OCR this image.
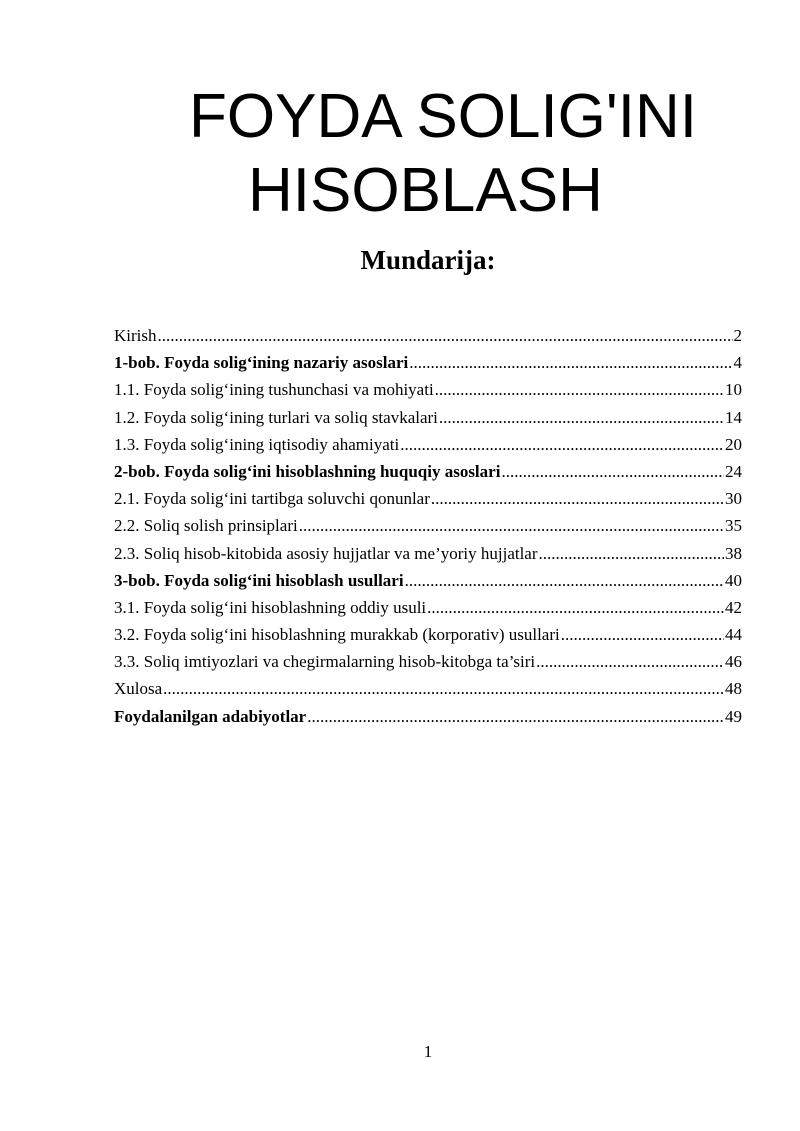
FOYDA SOLIG'INI
HISOBLASH
Mundarija:
Kirish .....	2
1-bob. Foyda solig‘ining nazariy asoslari .....	4
1.1. Foyda solig‘ining tushunchasi va mohiyati .....	10
1.2. Foyda solig‘ining turlari va soliq stavkalari .....	14
1.3. Foyda solig‘ining iqtisodiy ahamiyati .....	20
2-bob. Foyda solig‘ini hisoblashning huquqiy asoslari .....	24
2.1. Foyda solig‘ini tartibga soluvchi qonunlar .....	30
2.2. Soliq solish prinsiplari .....	35
2.3. Soliq hisob-kitobida asosiy hujjatlar va me’yoriy hujjatlar .....	38
3-bob. Foyda solig‘ini hisoblash usullari .....	40
3.1. Foyda solig‘ini hisoblashning oddiy usuli .....	42
3.2. Foyda solig‘ini hisoblashning murakkab (korporativ) usullari .....	44
3.3. Soliq imtiyozlari va chegirmalarning hisob-kitobga ta’siri .....	46
Xulosa .....	48
Foydalanilgan adabiyotlar .....	49
1
